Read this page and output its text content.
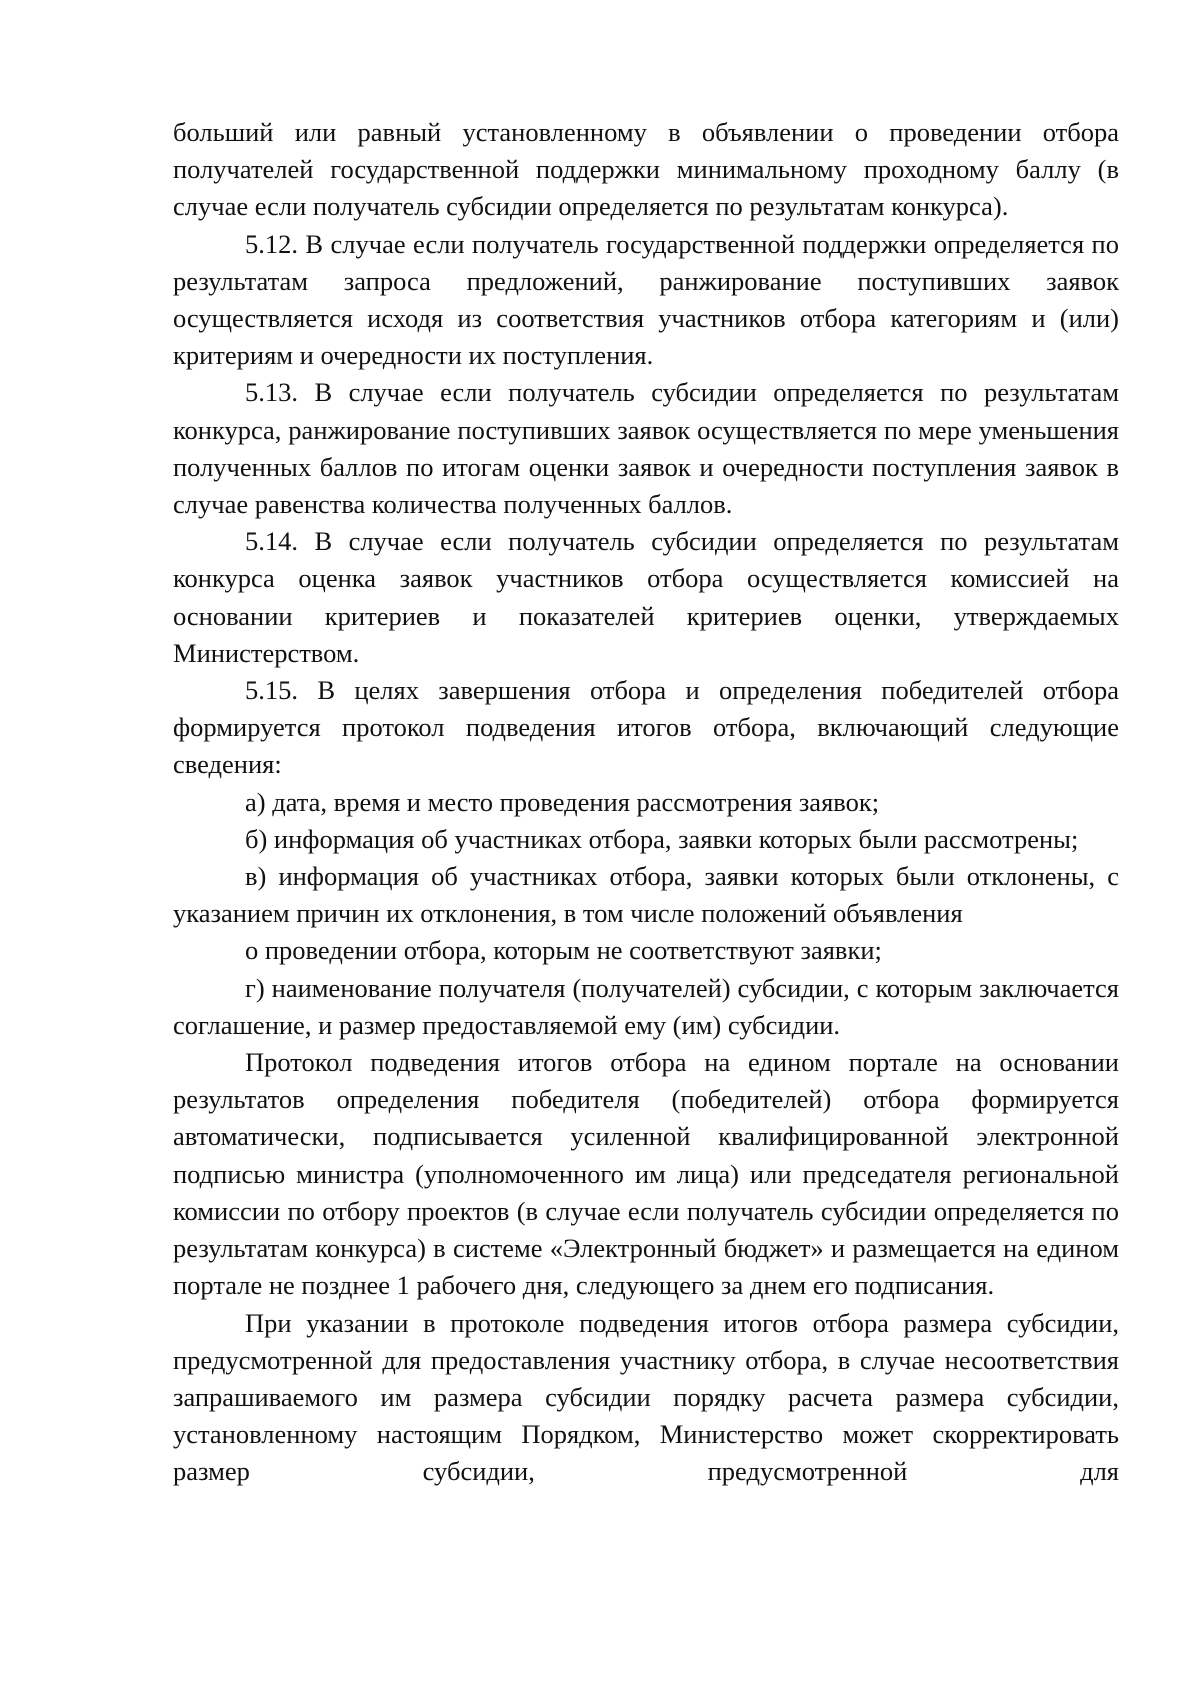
больший или равный установленному в объявлении о проведении отбора получателей государственной поддержки минимальному проходному баллу (в случае если получатель субсидии определяется по результатам конкурса).

5.12. В случае если получатель государственной поддержки определяется по результатам запроса предложений, ранжирование поступивших заявок осуществляется исходя из соответствия участников отбора категориям и (или) критериям и очередности их поступления.

5.13. В случае если получатель субсидии определяется по результатам конкурса, ранжирование поступивших заявок осуществляется по мере уменьшения полученных баллов по итогам оценки заявок и очередности поступления заявок в случае равенства количества полученных баллов.

5.14. В случае если получатель субсидии определяется по результатам конкурса оценка заявок участников отбора осуществляется комиссией на основании критериев и показателей критериев оценки, утверждаемых Министерством.

5.15. В целях завершения отбора и определения победителей отбора формируется протокол подведения итогов отбора, включающий следующие сведения:

а) дата, время и место проведения рассмотрения заявок;

б) информация об участниках отбора, заявки которых были рассмотрены;

в) информация об участниках отбора, заявки которых были отклонены, с указанием причин их отклонения, в том числе положений объявления

о проведении отбора, которым не соответствуют заявки;

г) наименование получателя (получателей) субсидии, с которым заключается соглашение, и размер предоставляемой ему (им) субсидии.

Протокол подведения итогов отбора на едином портале на основании результатов определения победителя (победителей) отбора формируется автоматически, подписывается усиленной квалифицированной электронной подписью министра (уполномоченного им лица) или председателя региональной комиссии по отбору проектов (в случае если получатель субсидии определяется по результатам конкурса) в системе «Электронный бюджет» и размещается на едином портале не позднее 1 рабочего дня, следующего за днем его подписания.

При указании в протоколе подведения итогов отбора размера субсидии, предусмотренной для предоставления участнику отбора, в случае несоответствия запрашиваемого им размера субсидии порядку расчета размера субсидии, установленному настоящим Порядком, Министерство может скорректировать размер субсидии, предусмотренной для
